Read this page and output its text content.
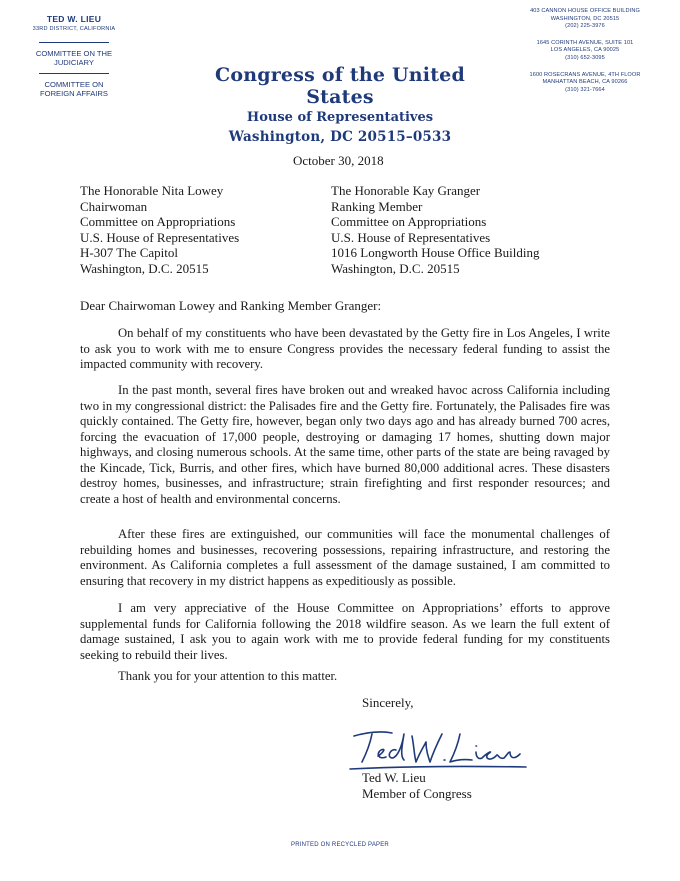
TED W. LIEU
33RD DISTRICT, CALIFORNIA
COMMITTEE ON THE JUDICIARY
COMMITTEE ON FOREIGN AFFAIRS
Congress of the United States
House of Representatives
Washington, DC 20515–0533
403 CANNON HOUSE OFFICE BUILDING
WASHINGTON, DC 20515
(202) 225-3976
1645 CORINTH AVENUE, SUITE 101
LOS ANGELES, CA 90025
(310) 652-3095
1600 ROSECRANS AVENUE, 4TH FLOOR
MANHATTAN BEACH, CA 90266
(310) 321-7664
October 30, 2018
The Honorable Nita Lowey
Chairwoman
Committee on Appropriations
U.S. House of Representatives
H-307 The Capitol
Washington, D.C. 20515
The Honorable Kay Granger
Ranking Member
Committee on Appropriations
U.S. House of Representatives
1016 Longworth House Office Building
Washington, D.C. 20515
Dear Chairwoman Lowey and Ranking Member Granger:

On behalf of my constituents who have been devastated by the Getty fire in Los Angeles, I write to ask you to work with me to ensure Congress provides the necessary federal funding to assist the impacted community with recovery.

In the past month, several fires have broken out and wreaked havoc across California including two in my congressional district: the Palisades fire and the Getty fire. Fortunately, the Palisades fire was quickly contained. The Getty fire, however, began only two days ago and has already burned 700 acres, forcing the evacuation of 17,000 people, destroying or damaging 17 homes, shutting down major highways, and closing numerous schools. At the same time, other parts of the state are being ravaged by the Kincade, Tick, Burris, and other fires, which have burned 80,000 additional acres. These disasters destroy homes, businesses, and infrastructure; strain firefighting and first responder resources; and create a host of health and environmental concerns.

After these fires are extinguished, our communities will face the monumental challenges of rebuilding homes and businesses, recovering possessions, repairing infrastructure, and restoring the environment. As California completes a full assessment of the damage sustained, I am committed to ensuring that recovery in my district happens as expeditiously as possible.

I am very appreciative of the House Committee on Appropriations’ efforts to approve supplemental funds for California following the 2018 wildfire season. As we learn the full extent of damage sustained, I ask you to again work with me to provide federal funding for my constituents seeking to rebuild their lives.

Thank you for your attention to this matter.

Sincerely,
Ted W. Lieu
Member of Congress
PRINTED ON RECYCLED PAPER
